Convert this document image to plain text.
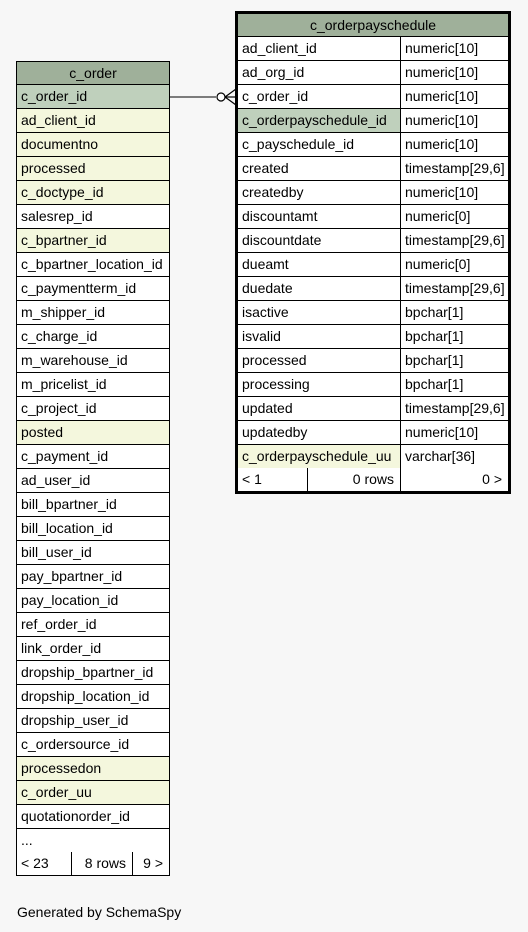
c_order
c_order_id
ad_client_id
documentno
processed
c_doctype_id
salesrep_id
c_bpartner_id
c_bpartner_location_id
c_paymentterm_id
m_shipper_id
c_charge_id
m_warehouse_id
m_pricelist_id
c_project_id
posted
c_payment_id
ad_user_id
bill_bpartner_id
bill_location_id
bill_user_id
pay_bpartner_id
pay_location_id
ref_order_id
link_order_id
dropship_bpartner_id
dropship_location_id
dropship_user_id
c_ordersource_id
processedon
c_order_uu
quotationorder_id
...
< 23	8 rows	9 >
c_orderpayschedule
ad_client_id	numeric[10]
ad_org_id	numeric[10]
c_order_id	numeric[10]
c_orderpayschedule_id	numeric[10]
c_payschedule_id	numeric[10]
created	timestamp[29,6]
createdby	numeric[10]
discountamt	numeric[0]
discountdate	timestamp[29,6]
dueamt	numeric[0]
duedate	timestamp[29,6]
isactive	bpchar[1]
isvalid	bpchar[1]
processed	bpchar[1]
processing	bpchar[1]
updated	timestamp[29,6]
updatedby	numeric[10]
c_orderpayschedule_uu varchar[36]
< 1	0 rows	0 >
Generated by SchemaSpy
